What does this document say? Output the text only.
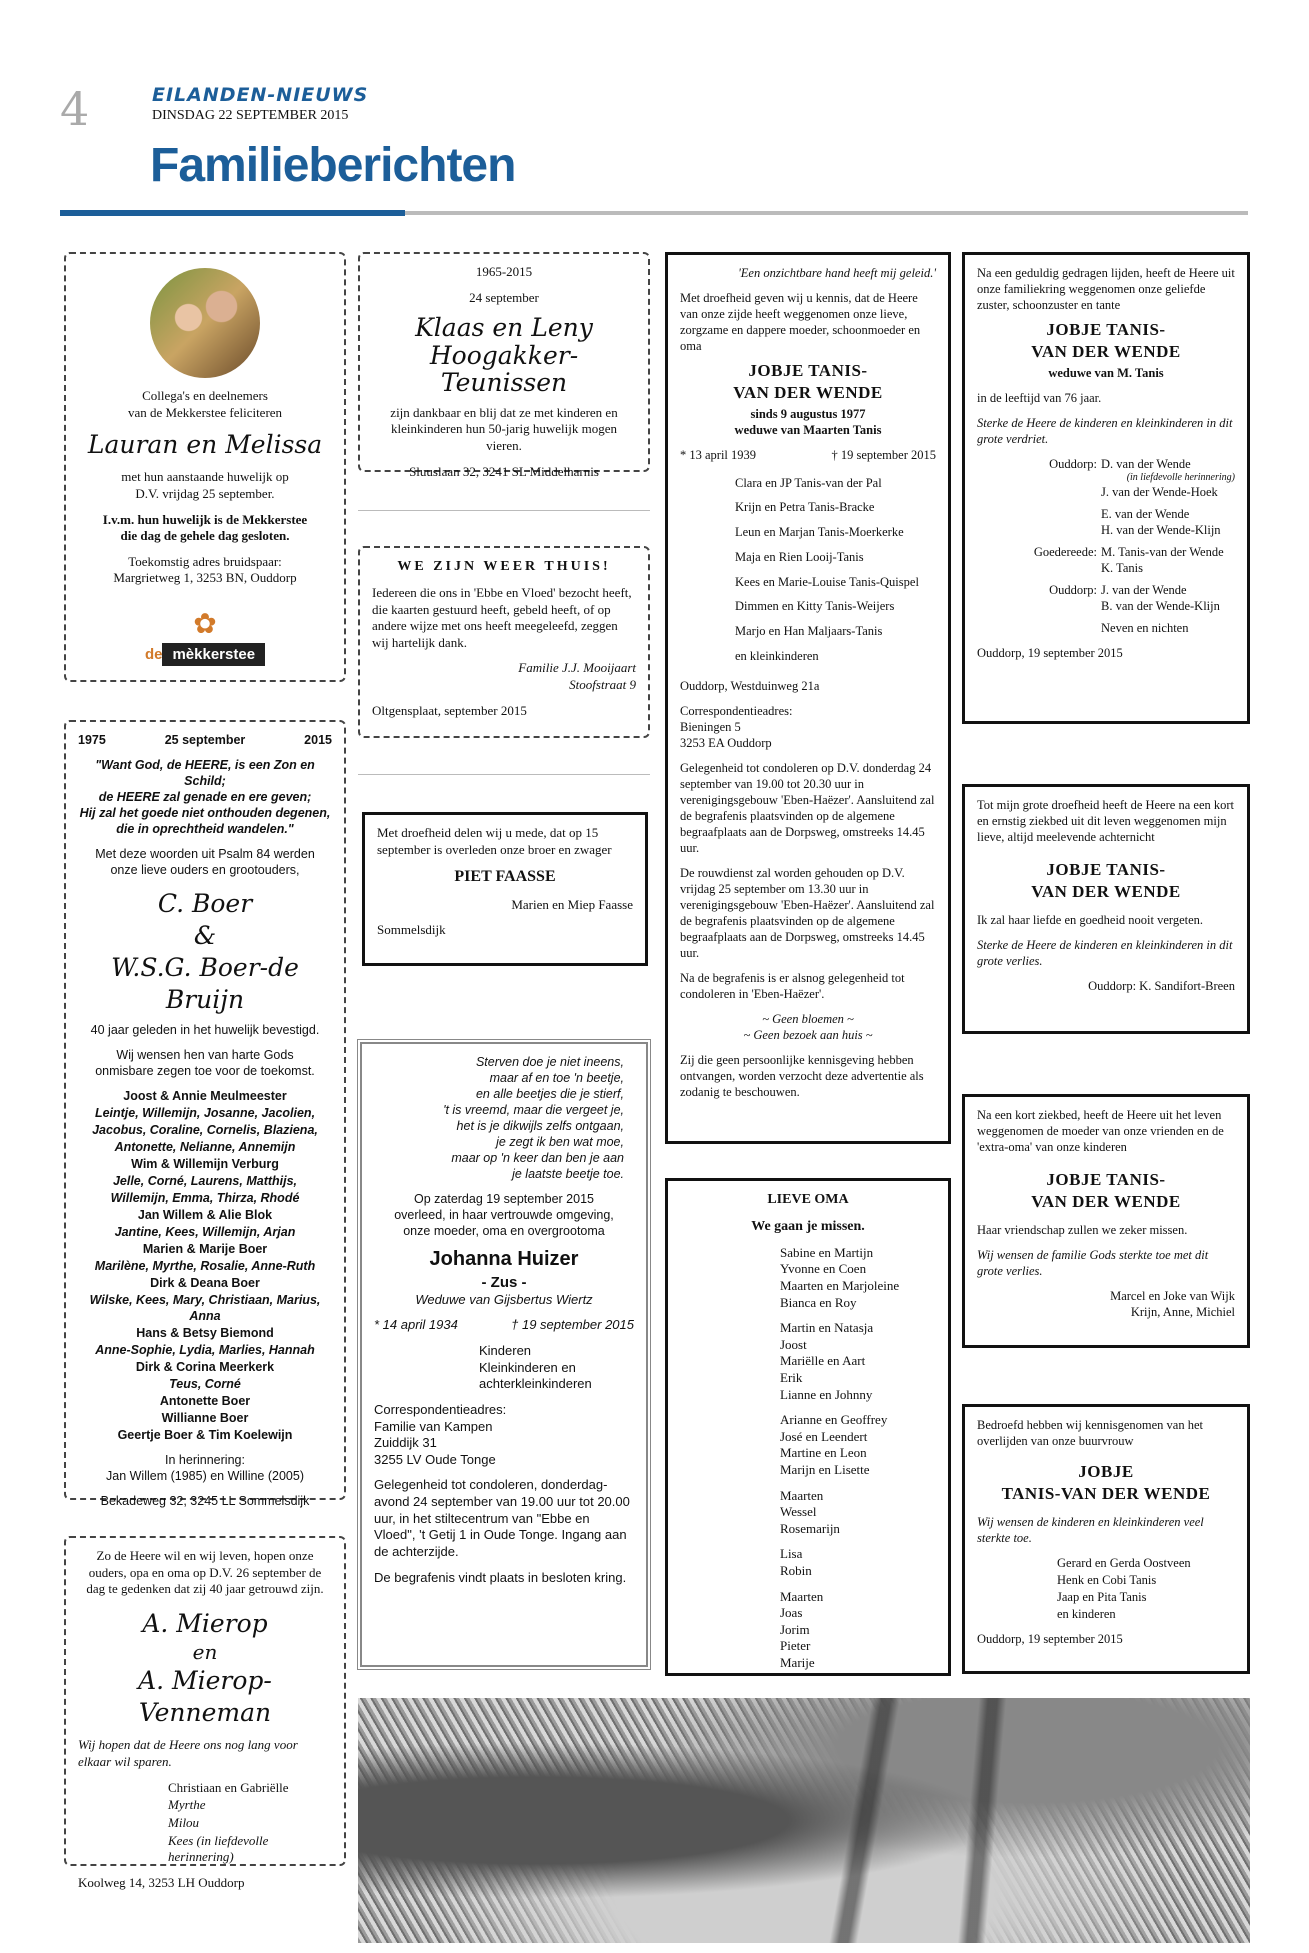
4	EILANDEN-NIEUWS
DINSDAG 22 SEPTEMBER 2015
Familieberichten
Collega's en deelnemers
van de Mekkerstee feliciteren
Lauran en Melissa
met hun aanstaande huwelijk op
D.V. vrijdag 25 september.
I.v.m. hun huwelijk is de Mekkerstee
die dag de gehele dag gesloten.
Toekomstig adres bruidspaar:
Margrietweg 1, 3253 BN, Ouddorp
✿
de mèkkerstee
1975	25 september	2015
"Want God, de HEERE, is een Zon en Schild;
de HEERE zal genade en ere geven;
Hij zal het goede niet onthouden degenen,
die in oprechtheid wandelen."
Met deze woorden uit Psalm 84 werden
onze lieve ouders en grootouders,
C. Boer
&
W.S.G. Boer-de Bruijn
40 jaar geleden in het huwelijk bevestigd.
Wij wensen hen van harte Gods
onmisbare zegen toe voor de toekomst.
Joost & Annie Meulmeester
Leintje, Willemijn, Josanne, Jacolien,
Jacobus, Coraline, Cornelis, Blaziena,
Antonette, Nelianne, Annemijn
Wim & Willemijn Verburg
Jelle, Corné, Laurens, Matthijs,
Willemijn, Emma, Thirza, Rhodé
Jan Willem & Alie Blok
Jantine, Kees, Willemijn, Arjan
Marien & Marije Boer
Marilène, Myrthe, Rosalie, Anne-Ruth
Dirk & Deana Boer
Wilske, Kees, Mary, Christiaan, Marius, Anna
Hans & Betsy Biemond
Anne-Sophie, Lydia, Marlies, Hannah
Dirk & Corina Meerkerk
Teus, Corné
Antonette Boer
Willianne Boer
Geertje Boer & Tim Koelewijn
In herinnering:
Jan Willem (1985) en Willine (2005)
Bekadeweg 32, 3245 LL Sommelsdijk
Zo de Heere wil en wij leven, hopen onze ouders, opa en oma op D.V. 26 september de dag te gedenken dat zij 40 jaar getrouwd zijn.
A. Mierop
en
A. Mierop-Venneman
Wij hopen dat de Heere ons nog lang voor elkaar wil sparen.
Christiaan en Gabriëlle
Myrthe
Milou
Kees (in liefdevolle herinnering)
Koolweg 14, 3253 LH Ouddorp
1965-2015
24 september
Klaas en Leny
Hoogakker-Teunissen
zijn dankbaar en blij dat ze met kinderen en kleinkinderen hun 50-jarig huwelijk mogen vieren.
Sluuslaan 32, 3241 SL Middelharnis
WE ZIJN WEER THUIS!
Iedereen die ons in 'Ebbe en Vloed' bezocht heeft, die kaarten gestuurd heeft, gebeld heeft, of op andere wijze met ons heeft meegeleefd, zeggen wij hartelijk dank.
Familie J.J. Mooijaart
Stoofstraat 9
Oltgensplaat, september 2015
Met droefheid delen wij u mede, dat op 15 september is overleden onze broer en zwager
PIET FAASSE
Marien en Miep Faasse
Sommelsdijk
Sterven doe je niet ineens,
maar af en toe 'n beetje,
en alle beetjes die je stierf,
't is vreemd, maar die vergeet je,
het is je dikwijls zelfs ontgaan,
je zegt ik ben wat moe,
maar op 'n keer dan ben je aan
je laatste beetje toe.
Op zaterdag 19 september 2015
overleed, in haar vertrouwde omgeving,
onze moeder, oma en overgrootoma
Johanna Huizer
- Zus -
Weduwe van Gijsbertus Wiertz
* 14 april 1934	† 19 september 2015
Kinderen
Kleinkinderen en
achterkleinkinderen
Correspondentieadres:
Familie van Kampen
Zuiddijk 31
3255 LV Oude Tonge
Gelegenheid tot condoleren, donderdag-avond 24 september van 19.00 uur tot 20.00 uur, in het stiltecentrum van "Ebbe en Vloed", 't Getij 1 in Oude Tonge. Ingang aan de achterzijde.
De begrafenis vindt plaats in besloten kring.
'Een onzichtbare hand heeft mij geleid.'
Met droefheid geven wij u kennis, dat de Heere van onze zijde heeft weggenomen onze lieve, zorgzame en dappere moeder, schoonmoeder en oma
JOBJE TANIS-
VAN DER WENDE
sinds 9 augustus 1977
weduwe van Maarten Tanis
* 13 april 1939	† 19 september 2015
Clara en JP Tanis-van der Pal
Krijn en Petra Tanis-Bracke
Leun en Marjan Tanis-Moerkerke
Maja en Rien Looij-Tanis
Kees en Marie-Louise Tanis-Quispel
Dimmen en Kitty Tanis-Weijers
Marjo en Han Maljaars-Tanis
en kleinkinderen
Ouddorp, Westduinweg 21a
Correspondentieadres:
Bieningen 5
3253 EA Ouddorp
Gelegenheid tot condoleren op D.V. donderdag 24 september van 19.00 tot 20.30 uur in verenigingsgebouw 'Eben-Haëzer'. Aansluitend zal de begrafenis plaatsvinden op de algemene begraafplaats aan de Dorpsweg, omstreeks 14.45 uur.
De rouwdienst zal worden gehouden op D.V. vrijdag 25 september om 13.30 uur in verenigingsgebouw 'Eben-Haëzer'. Aansluitend zal de begrafenis plaatsvinden op de algemene begraafplaats aan de Dorpsweg, omstreeks 14.45 uur.
Na de begrafenis is er alsnog gelegenheid tot condoleren in 'Eben-Haëzer'.
~ Geen bloemen ~
~ Geen bezoek aan huis ~
Zij die geen persoonlijke kennisgeving hebben ontvangen, worden verzocht deze advertentie als zodanig te beschouwen.
LIEVE OMA
We gaan je missen.
Sabine en Martijn
Yvonne en Coen
Maarten en Marjoleine
Bianca en Roy
Martin en Natasja
Joost
Mariëlle en Aart
Erik
Lianne en Johnny
Arianne en Geoffrey
José en Leendert
Martine en Leon
Marijn en Lisette
Maarten
Wessel
Rosemarijn
Lisa
Robin
Maarten
Joas
Jorim
Pieter
Marije
Na een geduldig gedragen lijden, heeft de Heere uit onze familiekring weggenomen onze geliefde zuster, schoonzuster en tante
JOBJE TANIS-
VAN DER WENDE
weduwe van M. Tanis
in de leeftijd van 76 jaar.
Sterke de Heere de kinderen en kleinkinderen in dit grote verdriet.
Ouddorp: D. van der Wende
(in liefdevolle herinnering)
J. van der Wende-Hoek
E. van der Wende
H. van der Wende-Klijn
Goedereede: M. Tanis-van der Wende
K. Tanis
Ouddorp: J. van der Wende
B. van der Wende-Klijn
Neven en nichten
Ouddorp, 19 september 2015
Tot mijn grote droefheid heeft de Heere na een kort en ernstig ziekbed uit dit leven weggenomen mijn lieve, altijd meelevende achternicht
JOBJE TANIS-
VAN DER WENDE
Ik zal haar liefde en goedheid nooit vergeten.
Sterke de Heere de kinderen en kleinkinderen in dit grote verlies.
Ouddorp: K. Sandifort-Breen
Na een kort ziekbed, heeft de Heere uit het leven weggenomen de moeder van onze vrienden en de 'extra-oma' van onze kinderen
JOBJE TANIS-
VAN DER WENDE
Haar vriendschap zullen we zeker missen.
Wij wensen de familie Gods sterkte toe met dit grote verlies.
Marcel en Joke van Wijk
Krijn, Anne, Michiel
Bedroefd hebben wij kennisgenomen van het overlijden van onze buurvrouw
JOBJE
TANIS-VAN DER WENDE
Wij wensen de kinderen en kleinkinderen veel sterkte toe.
Gerard en Gerda Oostveen
Henk en Cobi Tanis
Jaap en Pita Tanis
en kinderen
Ouddorp, 19 september 2015
